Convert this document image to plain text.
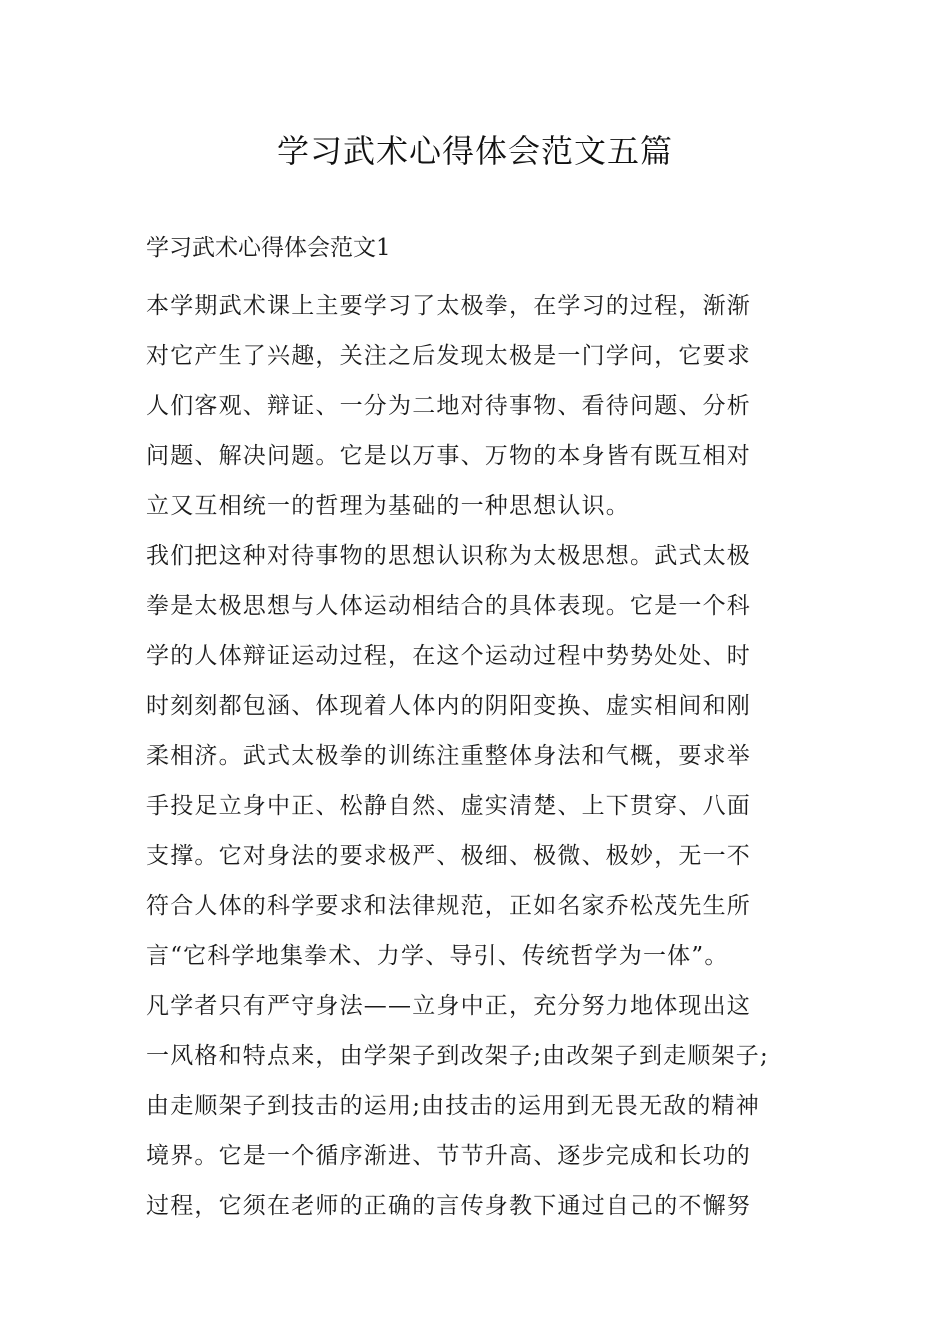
学习武术心得体会范文五篇
学习武术心得体会范文1

本学期武术课上主要学习了太极拳，在学习的过程，渐渐

对它产生了兴趣，关注之后发现太极是一门学问，它要求

人们客观、辩证、一分为二地对待事物、看待问题、分析

问题、解决问题。它是以万事、万物的本身皆有既互相对

立又互相统一的哲理为基础的一种思想认识。

我们把这种对待事物的思想认识称为太极思想。武式太极

拳是太极思想与人体运动相结合的具体表现。它是一个科

学的人体辩证运动过程，在这个运动过程中势势处处、时

时刻刻都包涵、体现着人体内的阴阳变换、虚实相间和刚

柔相济。武式太极拳的训练注重整体身法和气概，要求举

手投足立身中正、松静自然、虚实清楚、上下贯穿、八面

支撑。它对身法的要求极严、极细、极微、极妙，无一不

符合人体的科学要求和法律规范，正如名家乔松茂先生所

言“它科学地集拳术、力学、导引、传统哲学为一体”。

凡学者只有严守身法——立身中正，充分努力地体现出这

一风格和特点来，由学架子到改架子;由改架子到走顺架子;

由走顺架子到技击的运用;由技击的运用到无畏无敌的精神

境界。它是一个循序渐进、节节升高、逐步完成和长功的

过程，它须在老师的正确的言传身教下通过自己的不懈努
